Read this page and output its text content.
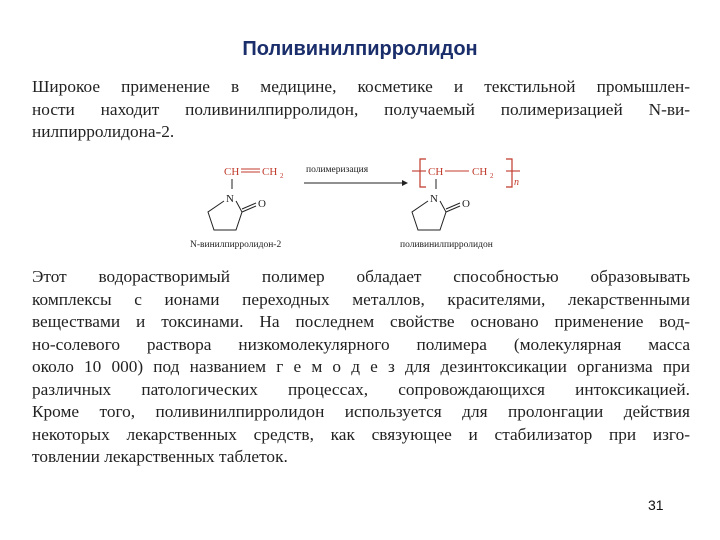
Поливинилпирролидон
Широкое применение в медицине, косметике и текстильной промышлен-
ности находит поливинилпирролидон, получаемый полимеризацией N-ви-
нилпирролидона-2.
CH CH 2
полимеризация
N O
CH	CH 2
n
N O
N-винилпирролидон-2	поливинилпирролидон
Этот водорастворимый полимер обладает способностью образовывать
комплексы с ионами переходных металлов, красителями, лекарственными
веществами и токсинами. На последнем свойстве основано применение вод-
но-солевого раствора низкомолекулярного полимера (молекулярная масса
около 10 000) под названием г е м о д е з для дезинтоксикации организма при
различных патологических процессах, сопровождающихся интоксикацией.
Кроме того, поливинилпирролидон используется для пролонгации действия
некоторых лекарственных средств, как связующее и стабилизатор при изго-
товлении лекарственных таблеток.
31
